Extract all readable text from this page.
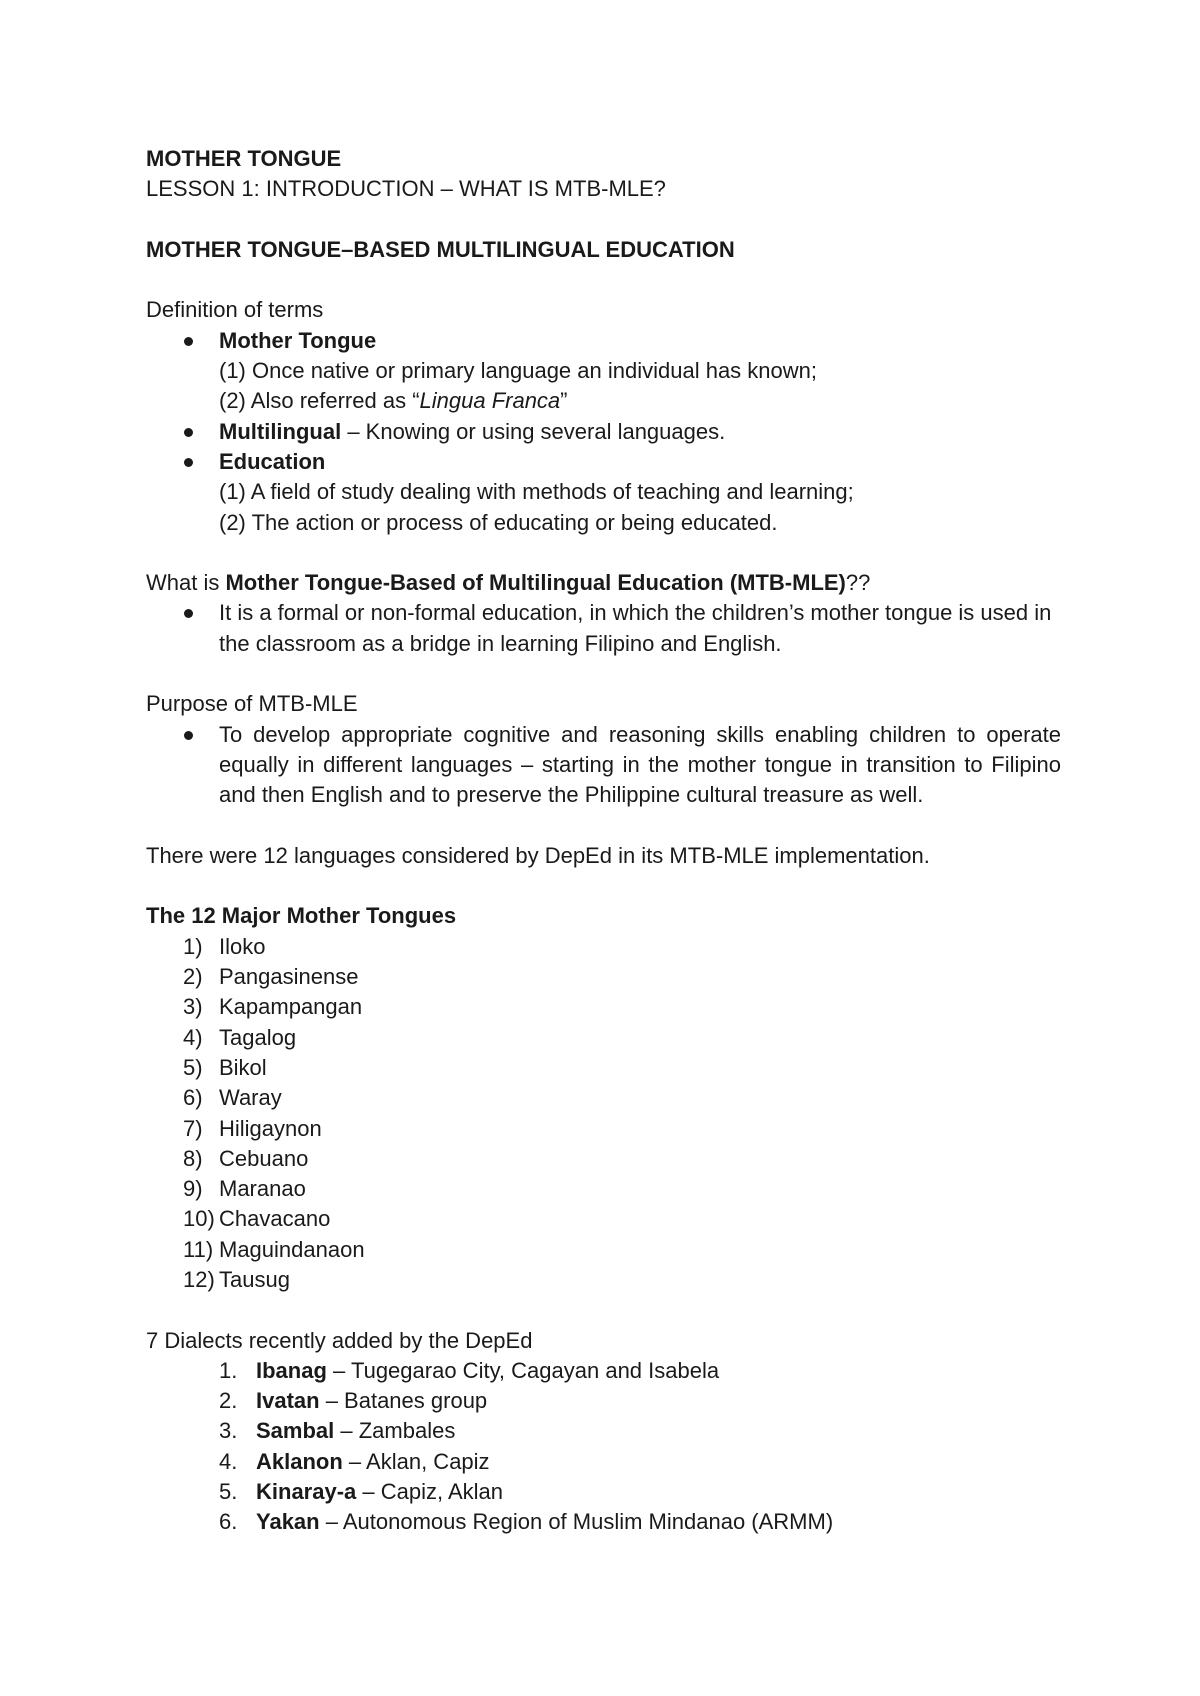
MOTHER TONGUE

LESSON 1: INTRODUCTION – WHAT IS MTB-MLE?

MOTHER TONGUE–BASED MULTILINGUAL EDUCATION

Definition of terms

Mother Tongue
(1) Once native or primary language an individual has known;
(2) Also referred as “Lingua Franca”
Multilingual – Knowing or using several languages.
Education
(1) A field of study dealing with methods of teaching and learning;
(2) The action or process of educating or being educated.

What is Mother Tongue-Based of Multilingual Education (MTB-MLE)??

It is a formal or non-formal education, in which the children’s mother tongue is used in the classroom as a bridge in learning Filipino and English.

Purpose of MTB-MLE

To develop appropriate cognitive and reasoning skills enabling children to operate equally in different languages – starting in the mother tongue in transition to Filipino and then English and to preserve the Philippine cultural treasure as well.

There were 12 languages considered by DepEd in its MTB-MLE implementation.

The 12 Major Mother Tongues

1) Iloko
2) Pangasinense
3) Kapampangan
4) Tagalog
5) Bikol
6) Waray
7) Hiligaynon
8) Cebuano
9) Maranao
10) Chavacano
11) Maguindanaon
12) Tausug

7 Dialects recently added by the DepEd

1. Ibanag – Tugegarao City, Cagayan and Isabela
2. Ivatan – Batanes group
3. Sambal – Zambales
4. Aklanon – Aklan, Capiz
5. Kinaray-a – Capiz, Aklan
6. Yakan – Autonomous Region of Muslim Mindanao (ARMM)
